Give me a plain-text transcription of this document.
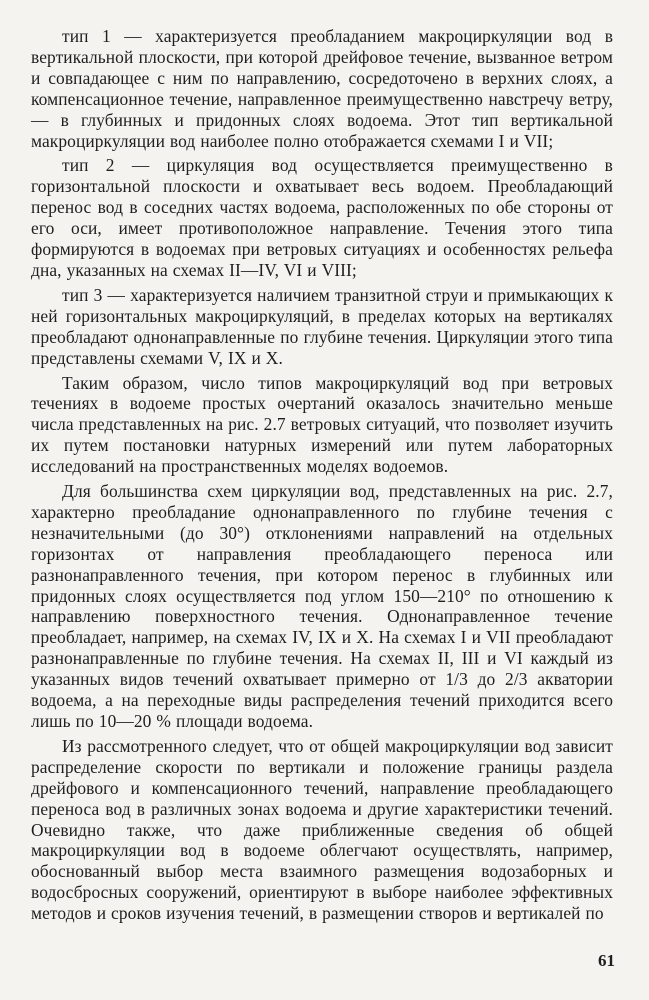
тип 1 — характеризуется преобладанием макроциркуляции вод в вертикальной плоскости, при которой дрейфовое течение, вызванное ветром и совпадающее с ним по направлению, сосредоточено в верхних слоях, а компенсационное течение, направленное преимущественно навстречу ветру, — в глубинных и придонных слоях водоема. Этот тип вертикальной макроциркуляции вод наиболее полно отображается схемами I и VII;

тип 2 — циркуляция вод осуществляется преимущественно в горизонтальной плоскости и охватывает весь водоем. Преобладающий перенос вод в соседних частях водоема, расположенных по обе стороны от его оси, имеет противоположное направление. Течения этого типа формируются в водоемах при ветровых ситуациях и особенностях рельефа дна, указанных на схемах II—IV, VI и VIII;

тип 3 — характеризуется наличием транзитной струи и примыкающих к ней горизонтальных макроциркуляций, в пределах которых на вертикалях преобладают однонаправленные по глубине течения. Циркуляции этого типа представлены схемами V, IX и X.

Таким образом, число типов макроциркуляций вод при ветровых течениях в водоеме простых очертаний оказалось значительно меньше числа представленных на рис. 2.7 ветровых ситуаций, что позволяет изучить их путем постановки натурных измерений или путем лабораторных исследований на пространственных моделях водоемов.

Для большинства схем циркуляции вод, представленных на рис. 2.7, характерно преобладание однонаправленного по глубине течения с незначительными (до 30°) отклонениями направлений на отдельных горизонтах от направления преобладающего переноса или разнонаправленного течения, при котором перенос в глубинных или придонных слоях осуществляется под углом 150—210° по отношению к направлению поверхностного течения. Однонаправленное течение преобладает, например, на схемах IV, IX и X. На схемах I и VII преобладают разнонаправленные по глубине течения. На схемах II, III и VI каждый из указанных видов течений охватывает примерно от 1/3 до 2/3 акватории водоема, а на переходные виды распределения течений приходится всего лишь по 10—20 % площади водоема.

Из рассмотренного следует, что от общей макроциркуляции вод зависит распределение скорости по вертикали и положение границы раздела дрейфового и компенсационного течений, направление преобладающего переноса вод в различных зонах водоема и другие характеристики течений. Очевидно также, что даже приближенные сведения об общей макроциркуляции вод в водоеме облегчают осуществлять, например, обоснованный выбор места взаимного размещения водозаборных и водосбросных сооружений, ориентируют в выборе наиболее эффективных методов и сроков изучения течений, в размещении створов и вертикалей по

61
